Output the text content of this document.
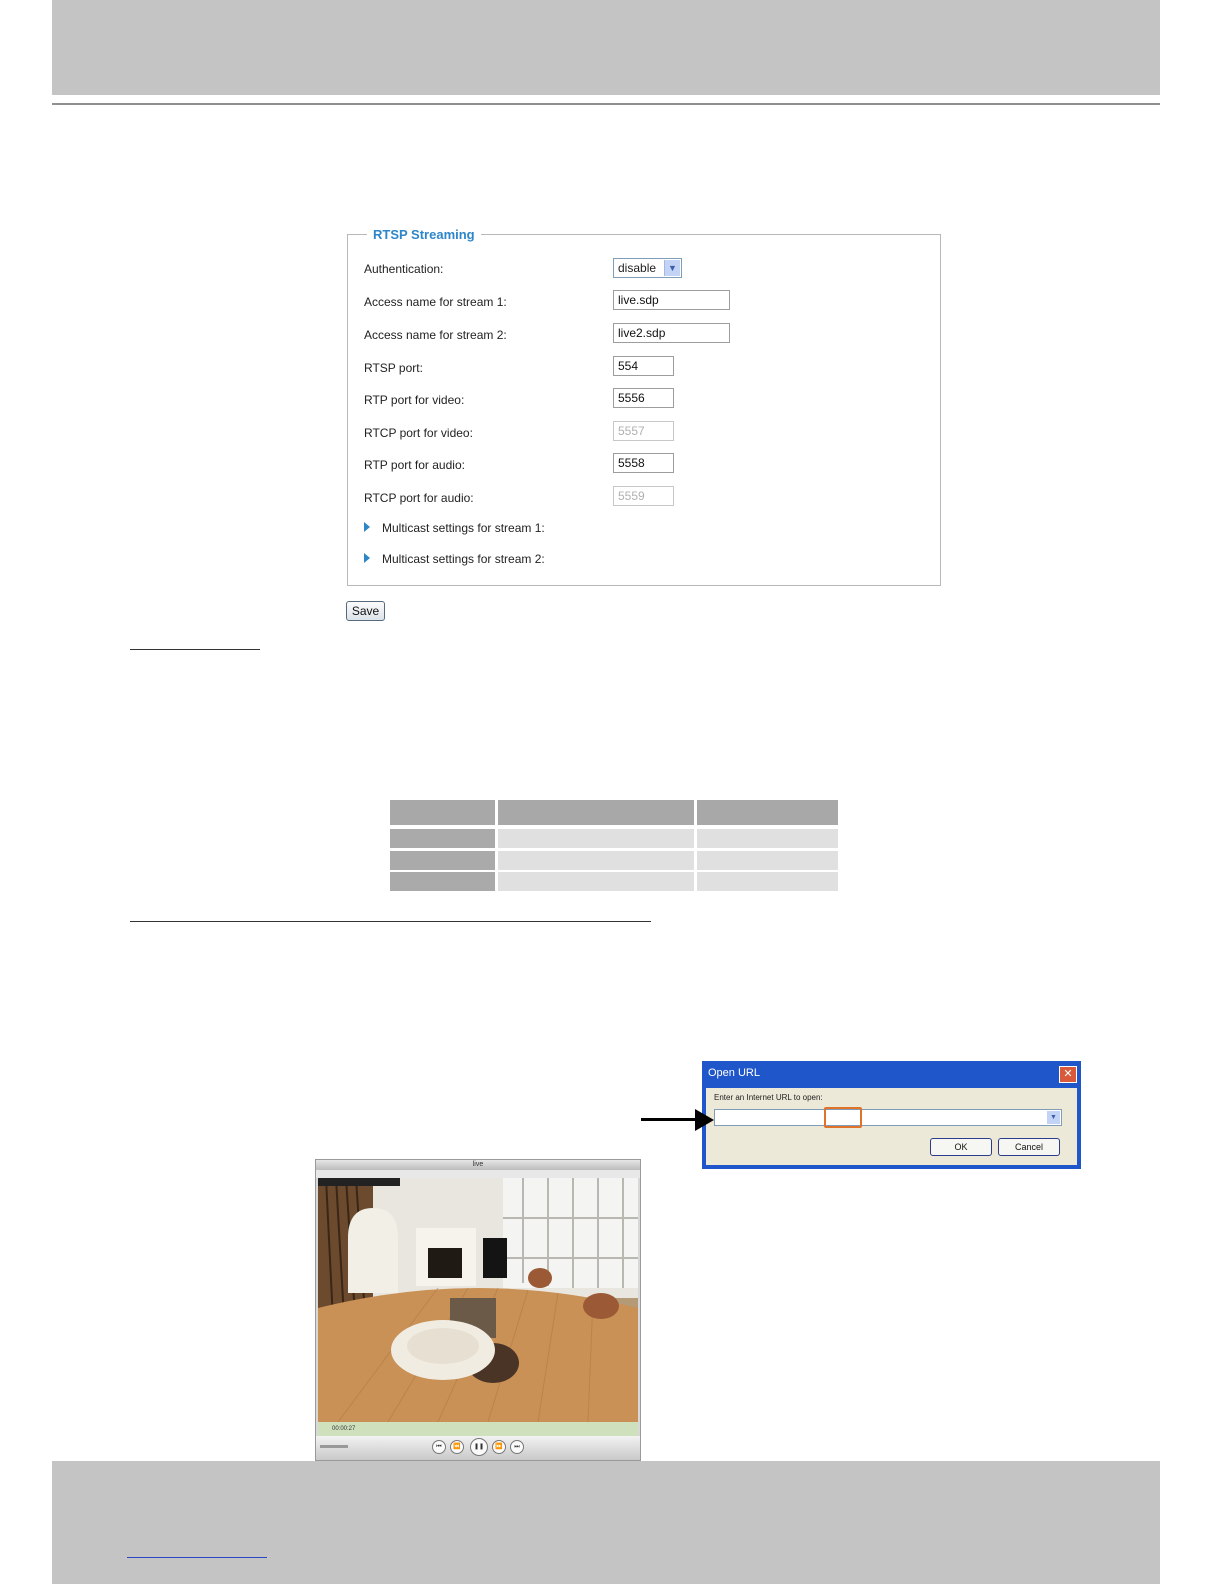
RTSP Streaming
Authentication:	disable	▼
Access name for stream 1:
live.sdp
Access name for stream 2:
live2.sdp
RTSP port:
554
RTP port for video:
5556
RTCP port for video:
5557
RTP port for audio:
5558
RTCP port for audio:
5559
Multicast settings for stream 1:
Multicast settings for stream 2:
Save
Open URL	✕
Enter an Internet URL to open:
▼
OK	Cancel
live
00:00:27
⏮	⏪	❚❚	⏩	⏭
